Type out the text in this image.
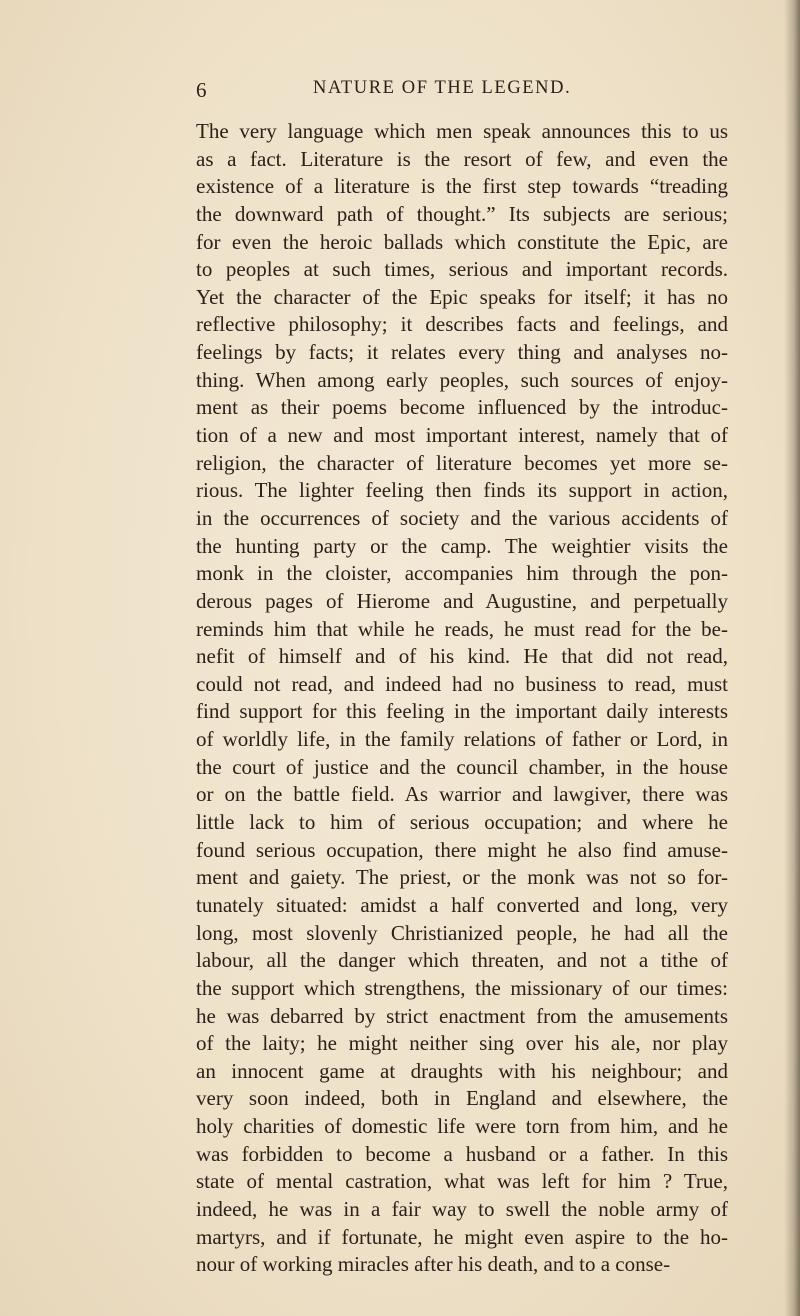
6	NATURE OF THE LEGEND.
The very language which men speak announces this to us
as a fact. Literature is the resort of few, and even the
existence of a literature is the first step towards “treading
the downward path of thought.” Its subjects are serious;
for even the heroic ballads which constitute the Epic, are
to peoples at such times, serious and important records.
Yet the character of the Epic speaks for itself; it has no
reflective philosophy; it describes facts and feelings, and
feelings by facts; it relates every thing and analyses no-
thing. When among early peoples, such sources of enjoy-
ment as their poems become influenced by the introduc-
tion of a new and most important interest, namely that of
religion, the character of literature becomes yet more se-
rious. The lighter feeling then finds its support in action,
in the occurrences of society and the various accidents of
the hunting party or the camp. The weightier visits the
monk in the cloister, accompanies him through the pon-
derous pages of Hierome and Augustine, and perpetually
reminds him that while he reads, he must read for the be-
nefit of himself and of his kind. He that did not read,
could not read, and indeed had no business to read, must
find support for this feeling in the important daily interests
of worldly life, in the family relations of father or Lord, in
the court of justice and the council chamber, in the house
or on the battle field. As warrior and lawgiver, there was
little lack to him of serious occupation; and where he
found serious occupation, there might he also find amuse-
ment and gaiety. The priest, or the monk was not so for-
tunately situated: amidst a half converted and long, very
long, most slovenly Christianized people, he had all the
labour, all the danger which threaten, and not a tithe of
the support which strengthens, the missionary of our times:
he was debarred by strict enactment from the amusements
of the laity; he might neither sing over his ale, nor play
an innocent game at draughts with his neighbour; and
very soon indeed, both in England and elsewhere, the
holy charities of domestic life were torn from him, and he
was forbidden to become a husband or a father. In this
state of mental castration, what was left for him ? True,
indeed, he was in a fair way to swell the noble army of
martyrs, and if fortunate, he might even aspire to the ho-
nour of working miracles after his death, and to a conse-
